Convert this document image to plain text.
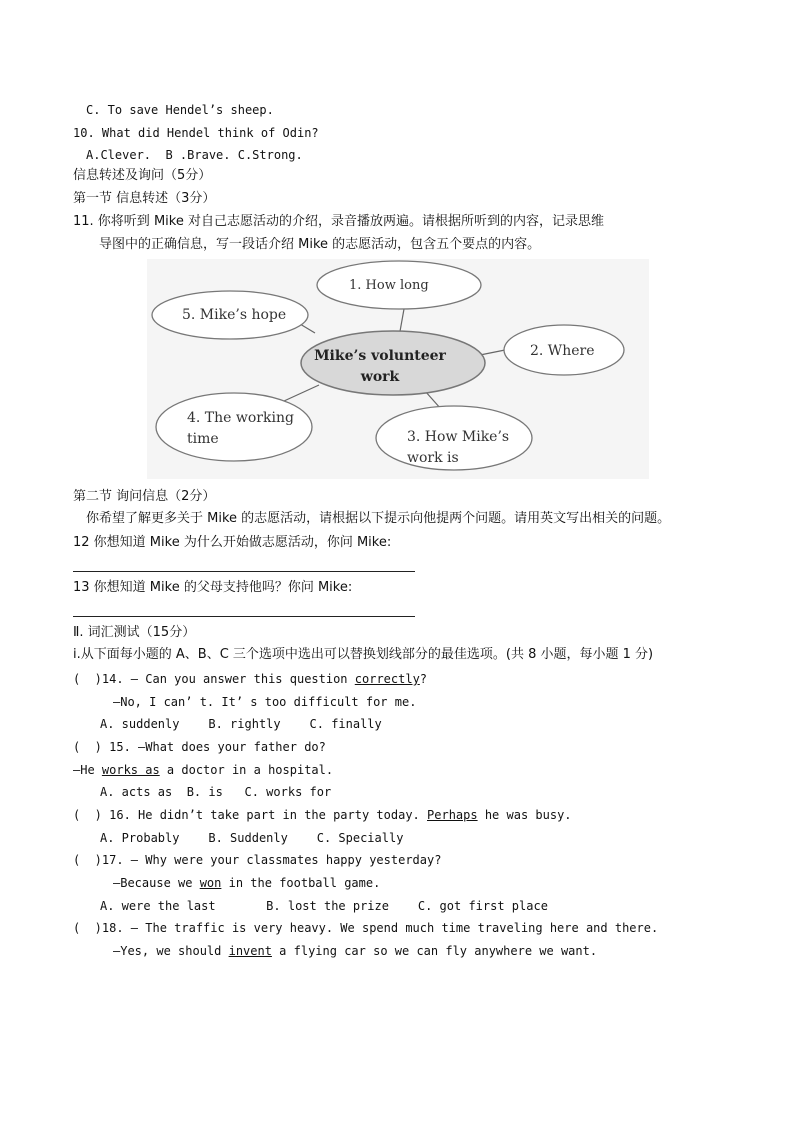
C. To save Hendel’s sheep.
10. What did Hendel think of Odin?
A.Clever.  B .Brave. C.Strong.
信息转述及询问（5分）
第一节 信息转述（3分）
11. 你将听到 Mike 对自己志愿活动的介绍，录音播放两遍。请根据所听到的内容，记录思维
导图中的正确信息，写一段话介绍 Mike 的志愿活动，包含五个要点的内容。
Mike’s volunteer
work
1. How long
2. Where
3. How Mike’s
work is
4. The working
time
5. Mike’s hope
第二节 询问信息（2分）
你希望了解更多关于 Mike 的志愿活动，请根据以下提示向他提两个问题。请用英文写出相关的问题。
12 你想知道 Mike 为什么开始做志愿活动，你问 Mike:
13 你想知道 Mike 的父母支持他吗？你问 Mike:
Ⅱ. 词汇测试（15分）
i.从下面每小题的 A、B、C 三个选项中选出可以替换划线部分的最佳选项。(共 8 小题，每小题 1 分)
(  )14. — Can you answer this question correctly?
—No, I can’ t. It’ s too difficult for me.
A. suddenly    B. rightly    C. finally
(  ) 15. —What does your father do?
—He works as a doctor in a hospital.
A. acts as  B. is   C. works for
(  ) 16. He didn’t take part in the party today. Perhaps he was busy.
A. Probably    B. Suddenly    C. Specially
(  )17. — Why were your classmates happy yesterday?
—Because we won in the football game.
A. were the last       B. lost the prize    C. got first place
(  )18. — The traffic is very heavy. We spend much time traveling here and there.
—Yes, we should invent a flying car so we can fly anywhere we want.
